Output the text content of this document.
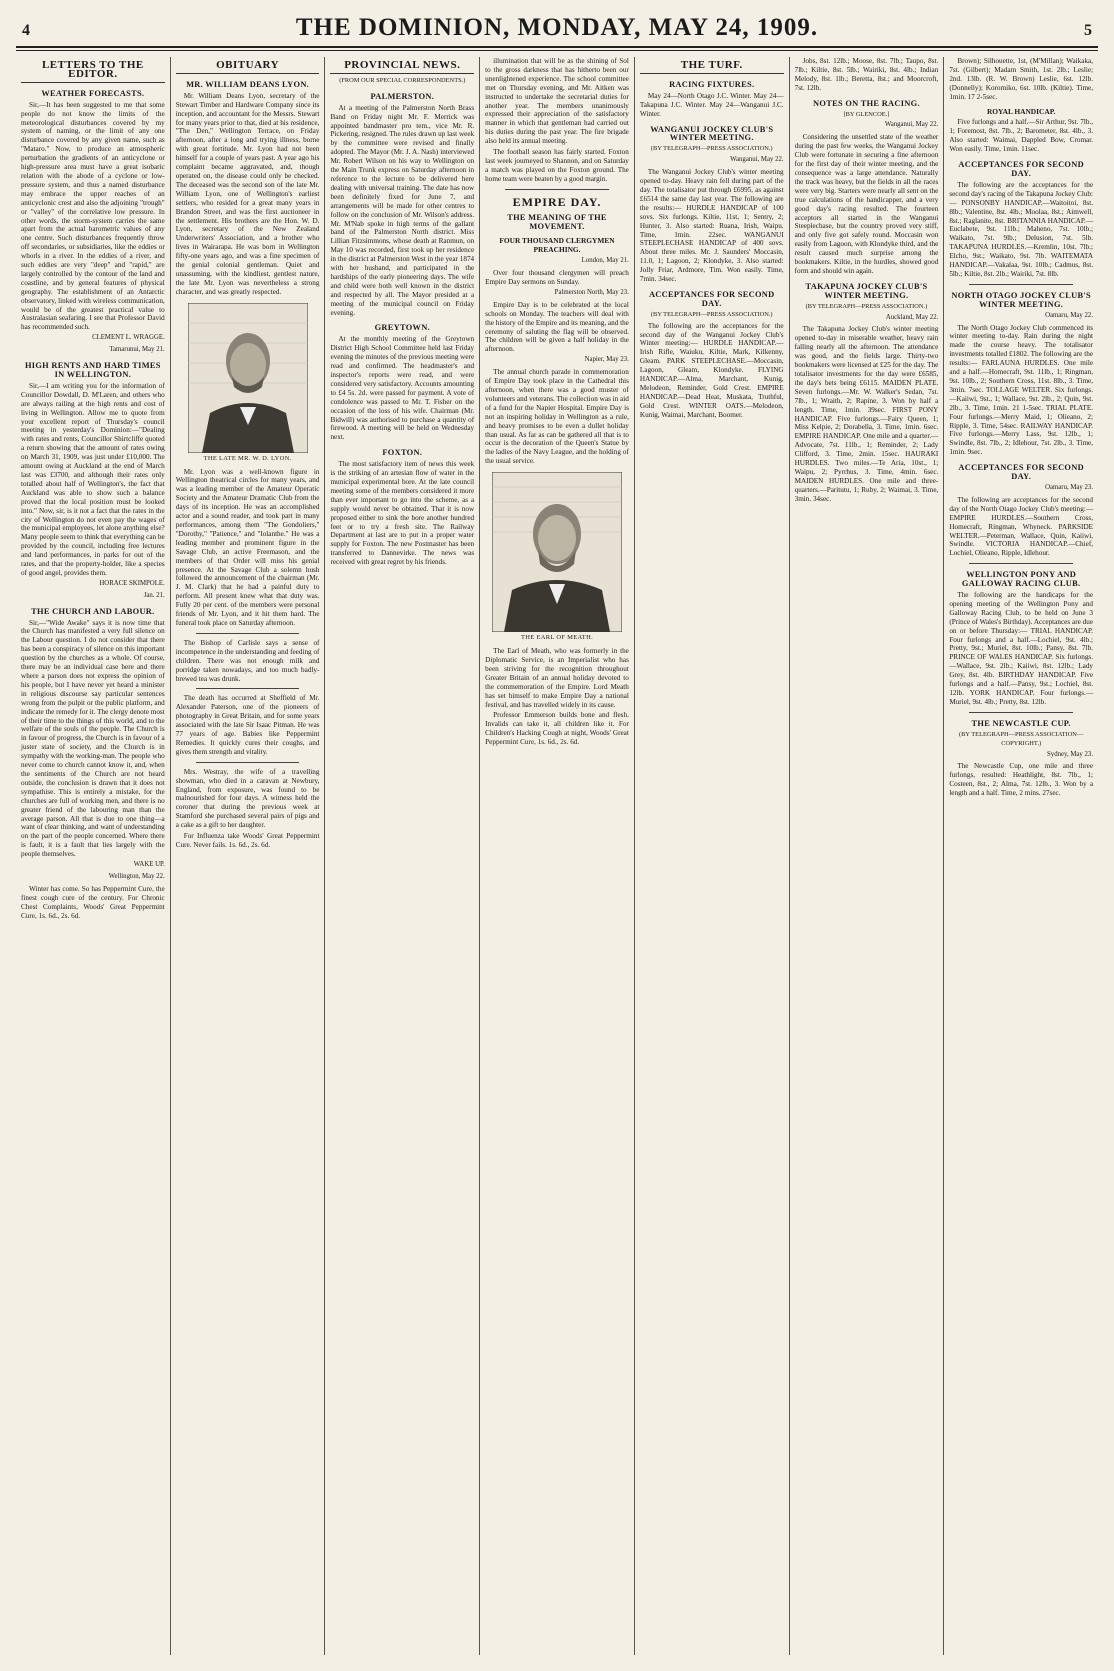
4	THE DOMINION, MONDAY, MAY 24, 1909.	5
LETTERS TO THE EDITOR.
WEATHER FORECASTS.

Sir,—It has been suggested to me that some people do not know the limits of the meteorological disturbances covered by my system of naming, or the limit of any one disturbance covered by any given name, such as "Mataro." Now, to produce an atmospheric perturbation the gradients of an anticyclone or high-pressure area must have a great isobaric relation with the abode of a cyclone or low-pressure system, and thus a named disturbance may embrace the upper reaches of an anticyclonic crest and also the adjoining "trough" or "valley" of the correlative low pressure. In other words, the storm-system carries the same apart from the actual barometric values of any one centre. Such disturbances frequently throw off secondaries, or subsidiaries, like the eddies or whorls in a river. In the eddies of a river, and such eddies are very "deep" and "rapid," are largely controlled by the contour of the land and coastline, and by general features of physical geography. The establishment of an Antarctic observatory, linked with wireless communication, would be of the greatest practical value to Australasian seafaring. I see that Professor David has recommended such.

CLEMENT L. WRAGGE.
Tamarunui, May 21.
HIGH RENTS AND HARD TIMES IN WELLINGTON.

Sir,—I am writing you for the information of Councillor Dowdall, D. M'Laren, and others who are always railing at the high rents and cost of living in Wellington. Allow me to quote from your excellent report of Thursday's council meeting in yesterday's Dominion:—"Dealing with rates and rents, Councillor Shirtcliffe quoted a return showing that the amount of rates owing on March 31, 1909, was just under £10,000. The amount owing at Auckland at the end of March last was £3700, and although their rates only totalled about half of Wellington's, the fact that Auckland was able to show such a balance proved that the local position must be looked into." Now, sir, is it not a fact that the rates in the city of Wellington do not even pay the wages of the municipal employees, let alone anything else? Many people seem to think that everything can be provided by the council, including free lectures and land performances, in parks for out of the rates, and that the property-holder, like a species of good angel, provides them.

HORACE SKIMPOLE.
Jan. 21.
THE CHURCH AND LABOUR.

Sir,—"Wide Awake" says it is now time that the Church has manifested a very full silence on the Labour question. I do not consider that there has been a conspiracy of silence on this important question by the churches as a whole. Of course, there may be an individual case here and there where a parson does not express the opinion of his people, but I have never yet heard a minister in religious discourse say particular sentences wrong from the pulpit or the public platform, and indicate the remedy for it. The clergy denote most of their time to the things of this world, and to the welfare of the souls of the people. The Church is in favour of progress, the Church is in favour of a juster state of society, and the Church is in sympathy with the working-man. The people who never come to church cannot know it, and, when the sentiments of the Church are not heard outside, the conclusion is drawn that it does not sympathise. This is entirely a mistake, for the churches are full of working men, and there is no greater friend of the labouring man than the average parson. All that is due to one thing—a want of clear thinking, and want of understanding on the part of the people concerned. Where there is fault, it is a fault that lies largely with the people themselves.

WAKE UP.
Wellington, May 22.

Winter has come. So has Peppermint Cure, the finest cough cure of the century. For Chronic Chest Complaints, Woods' Great Peppermint Cure, 1s. 6d., 2s. 6d.

OBITUARY
MR. WILLIAM DEANS LYON.

Mr. William Deans Lyon, secretary of the Stewart Timber and Hardware Company since its inception, and accountant for the Messrs. Stewart for many years prior to that, died at his residence, "The Den," Wellington Terrace, on Friday afternoon, after a long and trying illness, borne with great fortitude. Mr. Lyon had not been himself for a couple of years past. A year ago his complaint became aggravated, and, though operated on, the disease could only be checked. The deceased was the second son of the late Mr. William Lyon, one of Wellington's earliest settlers, who resided for a great many years in Brandon Street, and was the first auctioneer in the settlement. His brothers are the Hon. W. D. Lyon, secretary of the New Zealand Underwriters' Association, and a brother who lives in Wairarapa. He was born in Wellington fifty-one years ago, and was a fine specimen of the genial colonial gentleman. Quiet and unassuming, with the kindliest, gentlest nature, the late Mr. Lyon was nevertheless a strong character, and was greatly respected.

THE LATE MR. W. D. LYON.

Mr. Lyon was a well-known figure in Wellington theatrical circles for many years, and was a leading member of the Amateur Operatic Society and the Amateur Dramatic Club from the days of its inception. He was an accomplished actor and a sound reader, and took part in many performances, among them "The Gondoliers," "Dorothy," "Patience," and "Iolanthe." He was a leading member and prominent figure in the Savage Club, an active Freemason, and the members of that Order will miss his genial presence. At the Savage Club a solemn hush followed the announcement of the chairman (Mr. J. M. Clark) that he had a painful duty to perform. All present knew what that duty was. Fully 20 per cent. of the members were personal friends of Mr. Lyon, and it hit them hard. The funeral took place on Saturday afternoon.

The Bishop of Carlisle says a sense of incompetence in the understanding and feeding of children. There was not enough milk and porridge taken nowadays, and too much badly-brewed tea was drunk.

The death has occurred at Sheffield of Mr. Alexander Paterson, one of the pioneers of photography in Great Britain, and for some years associated with the late Sir Isaac Pitman. He was 77 years of age. Babies like Peppermint Remedies. It quickly cures their coughs, and gives them strength and vitality.

Mrs. Westray, the wife of a travelling showman, who died in a caravan at Newbury, England, from exposure, was found to be malnourished for four days. A witness held the coroner that during the previous week at Stamford she purchased several pairs of pigs and a cake as a gift to her daughter.

For Influenza take Woods' Great Peppermint Cure. Never fails. 1s. 6d., 2s. 6d.

PROVINCIAL NEWS.
(FROM OUR SPECIAL CORRESPONDENTS.)
PALMERSTON.

At a meeting of the Palmerston North Brass Band on Friday night Mr. F. Merrick was appointed bandmaster pro tem., vice Mr. R. Pickering, resigned. The rules drawn up last week by the committee were revised and finally adopted. The Mayor (Mr. J. A. Nash) interviewed Mr. Robert Wilson on his way to Wellington on the Main Trunk express on Saturday afternoon in reference to the lecture to be delivered here dealing with universal training. The date has now been definitely fixed for June 7, and arrangements will be made for other centres to follow on the conclusion of Mr. Wilson's address. Mr. M'Nab spoke in high terms of the gallant band of the Palmerston North district. Miss Lillian Fitzsimmons, whose death at Ranmun, on May 10 was recorded, first took up her residence in the district at Palmerston West in the year 1874 with her husband, and participated in the hardships of the early pioneering days. The wife and child were both well known in the district and respected by all. The Mayor presided at a meeting of the municipal council on Friday evening.

GREYTOWN.

At the monthly meeting of the Greytown District High School Committee held last Friday evening the minutes of the previous meeting were read and confirmed. The headmaster's and inspector's reports were read, and were considered very satisfactory. Accounts amounting to £4 5s. 2d. were passed for payment. A vote of condolence was passed to Mr. T. Fisher on the occasion of the loss of his wife. Chairman (Mr. Bidwill) was authorised to purchase a quantity of firewood. A meeting will be held on Wednesday next.

FOXTON.

The most satisfactory item of news this week is the striking of an artesian flow of water in the municipal experimental bore. At the late council meeting some of the members considered it more than ever important to go into the scheme, as a supply would never be obtained. That it is now proposed either to sink the bore another hundred feet or to try a fresh site. The Railway Department at last are to put in a proper water supply for Foxton. The new Postmaster has been transferred to Dannevirke. The news was received with great regret by his friends.

illumination that will be as the shining of Sol to the gross darkness that has hitherto been our unenlightened experience. The school committee met on Thursday evening, and Mr. Aitken was instructed to undertake the secretarial duties for another year. The members unanimously expressed their appreciation of the satisfactory manner in which that gentleman had carried out his duties during the past year. The fire brigade also held its annual meeting.

The football season has fairly started. Foxton last week journeyed to Shannon, and on Saturday a match was played on the Foxton ground. The home team were beaten by a good margin.

EMPIRE DAY.
THE MEANING OF THE MOVEMENT.
FOUR THOUSAND CLERGYMEN PREACHING.
London, May 21.

Over four thousand clergymen will preach Empire Day sermons on Sunday.

Palmerston North, May 23.

Empire Day is to be celebrated at the local schools on Monday. The teachers will deal with the history of the Empire and its meaning, and the ceremony of saluting the flag will be observed. The children will be given a half holiday in the afternoon.

Napier, May 23.

The annual church parade in commemoration of Empire Day took place in the Cathedral this afternoon, when there was a good muster of volunteers and veterans. The collection was in aid of a fund for the Napier Hospital. Empire Day is not an inspiring holiday in Wellington as a rule, and heavy promises to be even a dullet holiday than usual. As far as can be gathered all that is to occur is the decoration of the Queen's Statue by the ladies of the Navy League, and the holding of the usual service.

THE EARL OF MEATH.

The Earl of Meath, who was formerly in the Diplomatic Service, is an Imperialist who has been striving for the recognition throughout Greater Britain of an annual holiday devoted to the commemoration of the Empire. Lord Meath has set himself to make Empire Day a national festival, and has travelled widely in its cause.

Professor Emmerson builds bone and flesh. Invalids can take it, all children like it. For Children's Hacking Cough at night, Woods' Great Peppermint Cure, 1s. 6d., 2s. 6d.

THE TURF.
RACING FIXTURES.

May 24—North Otago J.C. Winter. May 24—Takapuna J.C. Winter. May 24—Wanganui J.C. Winter.

WANGANUI JOCKEY CLUB'S WINTER MEETING.
(BY TELEGRAPH—PRESS ASSOCIATION.)
Wanganui, May 22.

The Wanganui Jockey Club's winter meeting opened to-day. Heavy rain fell during part of the day. The totalisator put through £6995, as against £6514 the same day last year. The following are the results:— HURDLE HANDICAP of 100 sovs. Six furlongs. Kiltie, 11st, 1; Sentry, 2; Hunter, 3. Also started: Ruana, Irish, Waipu. Time, 1min. 22sec. WANGANUI STEEPLECHASE HANDICAP of 400 sovs. About three miles. Mr. J. Saunders' Moccasin, 11.0, 1; Lagoon, 2; Klondyke, 3. Also started: Jolly Friar, Ardmore, Tim. Won easily. Time, 7min. 34sec.

ACCEPTANCES FOR SECOND DAY.
(BY TELEGRAPH—PRESS ASSOCIATION.)

The following are the acceptances for the second day of the Wanganui Jockey Club's Winter meeting:— HURDLE HANDICAP.—Irish Rifle, Waiuku, Kiltie, Mark, Kilkenny, Gleam. PARK STEEPLECHASE.—Moccasin, Lagoon, Gleam, Klondyke. FLYING HANDICAP.—Alma, Marchant, Kunig, Melodeon, Reminder, Gold Crest. EMPIRE HANDICAP.—Dead Heat, Muskata, Truthful, Gold Crest. WINTER OATS.—Melodeon, Kunig, Waimai, Marchant, Boomer.

Jobs, 8st. 12lb.; Moose, 8st. 7lb.; Taupo, 8st. 7lb.; Kiltie, 8st. 5lb.; Wairiki, 8st. 4lb.; Indian Melody, 8st. 1lb.; Beretta, 8st.; and Moorcroft, 7st. 12lb.

NOTES ON THE RACING.
[BY GLENCOE.]
Wanganui, May 22.

Considering the unsettled state of the weather during the past few weeks, the Wanganui Jockey Club were fortunate in securing a fine afternoon for the first day of their winter meeting, and the consequence was a large attendance. Naturally the track was heavy, but the fields in all the races were very big. Starters were nearly all sent on the true calculations of the handicapper, and a very good day's racing resulted. The fourteen acceptors all started in the Wanganui Steeplechase, but the country proved very stiff, and only five got safely round. Moccasin won easily from Lagoon, with Klondyke third, and the result caused much surprise among the bookmakers. Kiltie, in the hurdles, showed good form and should win again.

TAKAPUNA JOCKEY CLUB'S WINTER MEETING.
(BY TELEGRAPH—PRESS ASSOCIATION.)
Auckland, May 22.

The Takapuna Jockey Club's winter meeting opened to-day in miserable weather, heavy rain falling nearly all the afternoon. The attendance was good, and the fields large. Thirty-two bookmakers were licensed at £25 for the day. The totalisator investments for the day were £6585, the day's bets being £6115. MAIDEN PLATE. Seven furlongs.—Mr. W. Walker's Sedan, 7st. 7lb., 1; Wraith, 2; Rapine, 3. Won by half a length. Time, 1min. 39sec. FIRST PONY HANDICAP. Five furlongs.—Fairy Queen, 1; Miss Kelpie, 2; Dorabella, 3. Time, 1min. 6sec. EMPIRE HANDICAP. One mile and a quarter.—Advocate, 7st. 11lb., 1; Reminder, 2; Lady Clifford, 3. Time, 2min. 15sec. HAURAKI HURDLES. Two miles.—Te Aria, 10st., 1; Waipu, 2; Pyrrhus, 3. Time, 4min. 6sec. MAIDEN HURDLES. One mile and three-quarters.—Paritutu, 1; Ruby, 2; Waimai, 3. Time, 3min. 34sec.

Brown); Silhouette, 1st, (M'Millan); Waikaka, 7st. (Gilbert); Madam Smith, 1st. 2lb.; Leslie; 2nd. 13lb. (R. W. Brown) Leslie, 6st. 12lb. (Donnelly); Koromiko, 6st. 10lb. (Kiltie). Time, 1min. 17 2-5sec.

ROYAL HANDICAP.

Five furlongs and a half.—Sir Arthur, 9st. 7lb., 1; Foremost, 8st. 7lb., 2; Barometer, 8st. 4lb., 3. Also started: Waimai, Dappled Bow, Cromar. Won easily. Time, 1min. 11sec.

ACCEPTANCES FOR SECOND DAY.

The following are the acceptances for the second day's racing of the Takapuna Jockey Club:— PONSONBY HANDICAP.—Waitoitoi, 8st. 8lb.; Valentine, 8st. 4lb.; Moolaa, 8st.; Aimwell, 8st.; Raglanite, 8st. BRITANNIA HANDICAP.—Euclabete, 9st. 11lb.; Maheno, 7st. 10lb.; Waikato, 7st. 9lb.; Delusion, 7st. 5lb. TAKAPUNA HURDLES.—Kremlin, 10st. 7lb.; Elcho, 9st.; Waikato, 9st. 7lb. WAITEMATA HANDICAP.—Vakalaa, 9st. 10lb.; Cadmus, 8st. 5lb.; Kiltie, 8st. 2lb.; Wairiki, 7st. 8lb.

NORTH OTAGO JOCKEY CLUB'S WINTER MEETING.
Oamaru, May 22.

The North Otago Jockey Club commenced its winter meeting to-day. Rain during the night made the course heavy. The totalisator investments totalled £1802. The following are the results:— FARLAUNA HURDLES. One mile and a half.—Homecraft, 9st. 11lb., 1; Ringman, 9st. 10lb., 2; Southern Cross, 11st. 8lb., 3. Time, 3min. 7sec. TOLLAGE WELTER. Six furlongs.—Kaiiwi, 9st., 1; Wallace, 9st. 2lb., 2; Quin, 9st. 2lb., 3. Time, 1min. 21 1-5sec. TRIAL PLATE. Four furlongs.—Merry Maid, 1; Olieano, 2; Ripple, 3. Time, 54sec. RAILWAY HANDICAP. Five furlongs.—Merry Lass, 9st. 12lb., 1; Swindle, 8st. 7lb., 2; Idlehour, 7st. 2lb., 3. Time, 1min. 9sec.

ACCEPTANCES FOR SECOND DAY.
Oamaru, May 23.

The following are acceptances for the second day of the North Otago Jockey Club's meeting:— EMPIRE HURDLES.—Southern Cross, Homecraft, Ringman, Whyneck. PARKSIDE WELTER.—Peterman, Wallace, Quin, Kaiiwi, Swindle. VICTORIA HANDICAP.—Chief, Lochiel, Olieano, Ripple, Idlehour.

WELLINGTON PONY AND GALLOWAY RACING CLUB.

The following are the handicaps for the opening meeting of the Wellington Pony and Galloway Racing Club, to be held on June 3 (Prince of Wales's Birthday). Acceptances are due on or before Thursday:— TRIAL HANDICAP. Four furlongs and a half.—Lochiel, 9st. 4lb.; Pretty, 9st.; Muriel, 8st. 10lb.; Pansy, 8st. 7lb. PRINCE OF WALES HANDICAP. Six furlongs.—Wallace, 9st. 2lb.; Kaiiwi, 8st. 12lb.; Lady Grey, 8st. 4lb. BIRTHDAY HANDICAP. Five furlongs and a half.—Pansy, 9st.; Lochiel, 8st. 12lb. YORK HANDICAP. Four furlongs.—Muriel, 9st. 4lb.; Pretty, 8st. 12lb.

THE NEWCASTLE CUP.
(BY TELEGRAPH—PRESS ASSOCIATION—COPYRIGHT.)
Sydney, May 23.

The Newcastle Cup, one mile and three furlongs, resulted: Heathlight, 8st. 7lb., 1; Costeen, 8st., 2; Alma, 7st. 12lb., 3. Won by a length and a half. Time, 2 mins. 27sec.
